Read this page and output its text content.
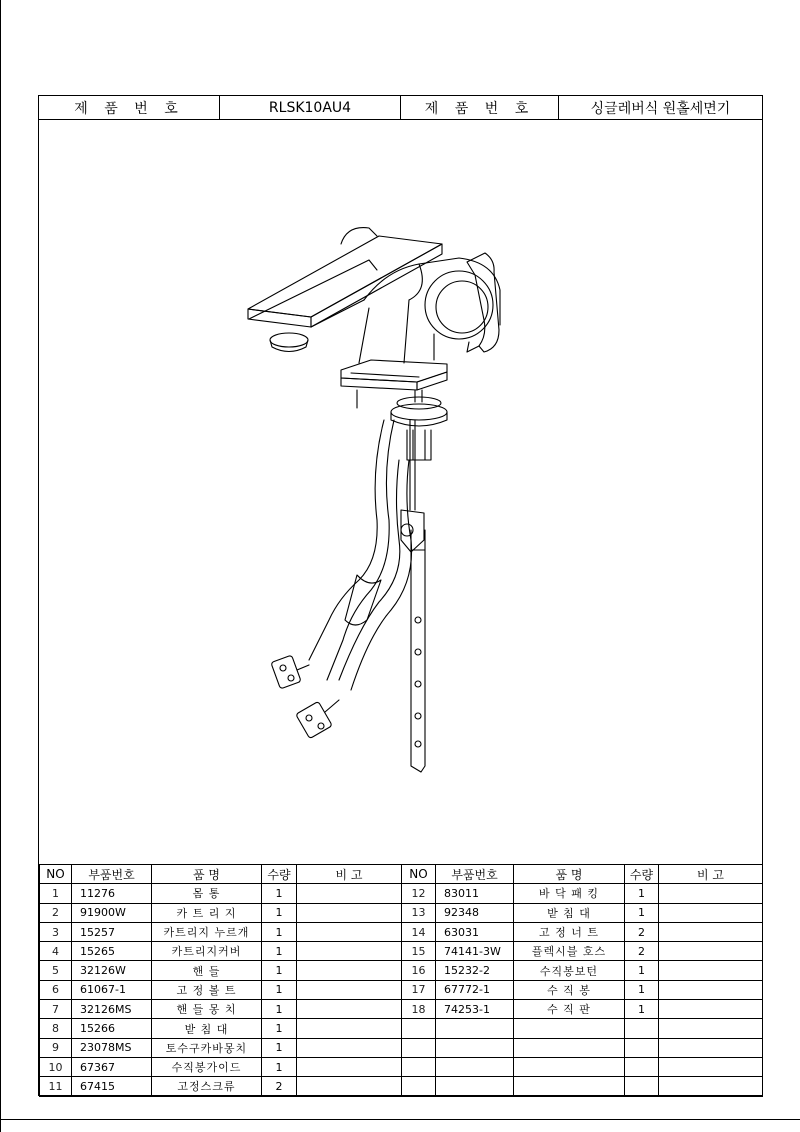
제 품 번 호	RLSK10AU4	제 품 번 호	싱글레버식 원홀세면기
NO	부품번호	품 명	수량	비 고	NO	부품번호	품 명	수량	비 고
1	11276	몸 통	1		12	83011	바 닥 패 킹	1	
2	91900W	카 트 리 지	1		13	92348	받 침 대	1	
3	15257	카트리지 누르개	1		14	63031	고 정 너 트	2	
4	15265	카트리지커버	1		15	74141-3W	플렉시블 호스	2	
5	32126W	핸 들	1		16	15232-2	수직봉보턴	1	
6	61067-1	고 정 볼 트	1		17	67772-1	수 직 봉	1	
7	32126MS	핸 들 몽 치	1		18	74253-1	수 직 판	1	
8	15266	받 침 대	1						
9	23078MS	토수구카바몽치	1						
10	67367	수직봉가이드	1						
11	67415	고정스크류	2						
